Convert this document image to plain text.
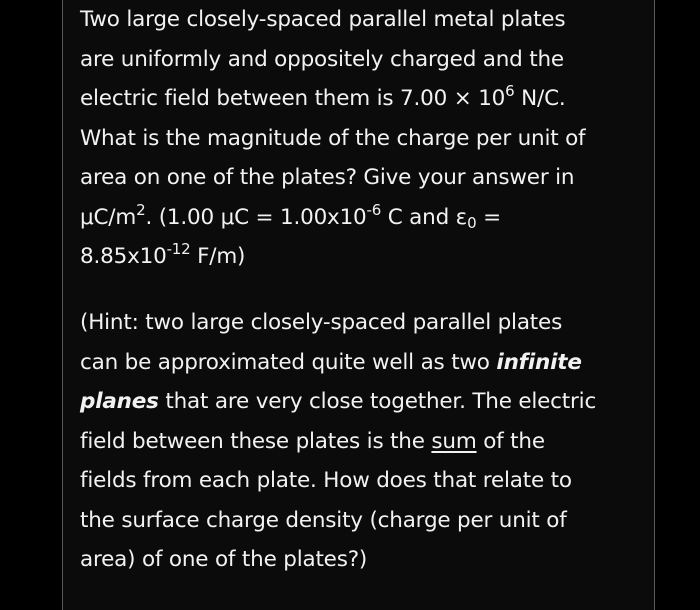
Two large closely-spaced parallel metal plates
are uniformly and oppositely charged and the
electric field between them is $7.00 \times 10^6$ N/C.
What is the magnitude of the charge per unit of
area on one of the plates? Give your answer in
$\mu C/m^2$. (1.00 $\mu C = 1.00x10^{-6}$ C and $\varepsilon_0$ =
$8.85x10^{-12}$ F/m)

(Hint: two large closely-spaced parallel plates
can be approximated quite well as two infinite
planes that are very close together. The electric
field between these plates is the sum of the
fields from each plate. How does that relate to
the surface charge density (charge per unit of
area) of one of the plates?)
